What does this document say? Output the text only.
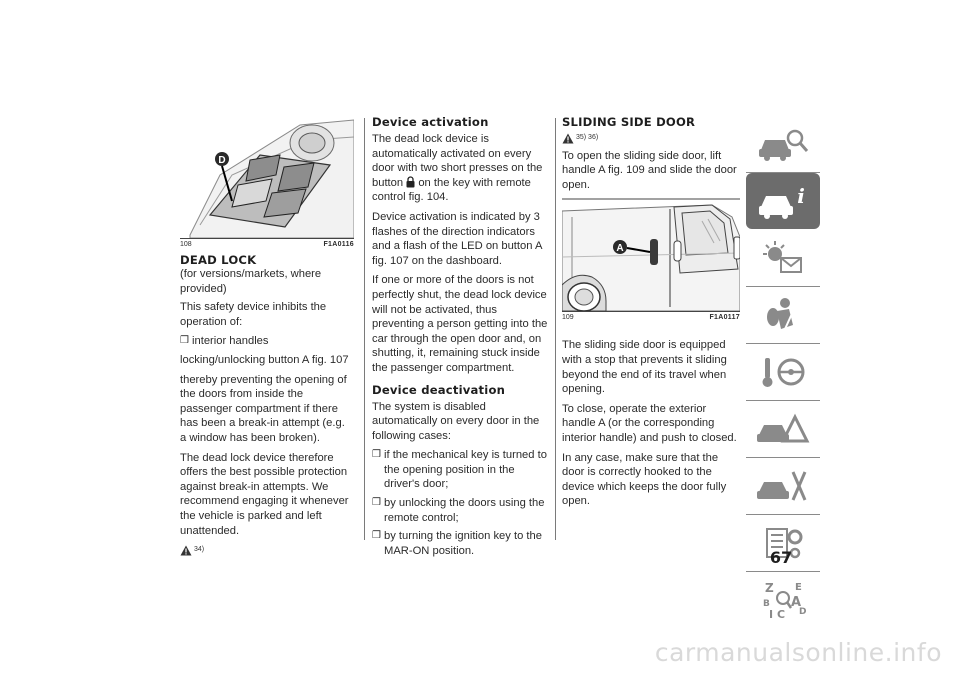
D
108	F1A0116
DEAD LOCK

(for versions/markets, where provided)

This safety device inhibits the operation of:

❒ interior handles

locking/unlocking button A fig. 107

thereby preventing the opening of the doors from inside the passenger compartment if there has been a break-in attempt (e.g. a window has been broken).

The dead lock device therefore offers the best possible protection against break-in attempts. We recommend engaging it whenever the vehicle is parked and left unattended.

34)
Device activation

The dead lock device is automatically activated on every door with two short presses on the button  on the key with remote control fig. 104.

Device activation is indicated by 3 flashes of the direction indicators and a flash of the LED on button A fig. 107 on the dashboard.

If one or more of the doors is not perfectly shut, the dead lock device will not be activated, thus preventing a person getting into the car through the open door and, on shutting, it, remaining stuck inside the passenger compartment.

Device deactivation

The system is disabled automatically on every door in the following cases:

❒ if the mechanical key is turned to the opening position in the driver's door;
❒ by unlocking the doors using the remote control;
❒ by turning the ignition key to the MAR-ON position.
SLIDING SIDE DOOR
35) 36)

To open the sliding side door, lift handle A fig. 109 and slide the door open.

A
109	F1A0117

The sliding side door is equipped with a stop that prevents it sliding beyond the end of its travel when opening.

To close, operate the exterior handle A (or the corresponding interior handle) and push to closed.

In any case, make sure that the door is correctly hooked to the device which keeps the door fully open.

i
Z E
B A
I C D
67
carmanualsonline.info
